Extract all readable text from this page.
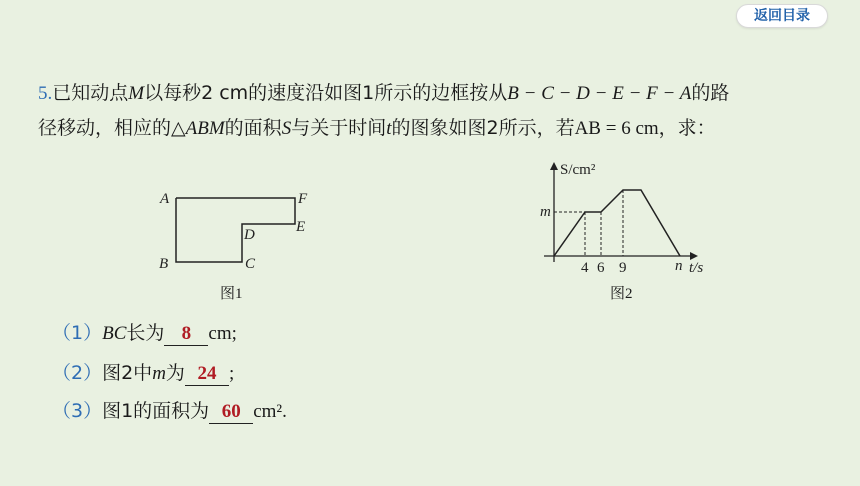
返回目录
5.已知动点M以每秒2 cm的速度沿如图1所示的边框按从B − C − D − E − F − A的路
径移动，相应的△ABM的面积S与关于时间t的图象如图2所示，若AB = 6 cm，求：
A	F
E
D
B	C
图1
S/cm²
m
4 6 9	n t/s
图2
（1）BC长为 8 cm;
（2）图2中m为 24 ;
（3）图1的面积为 60 cm².
